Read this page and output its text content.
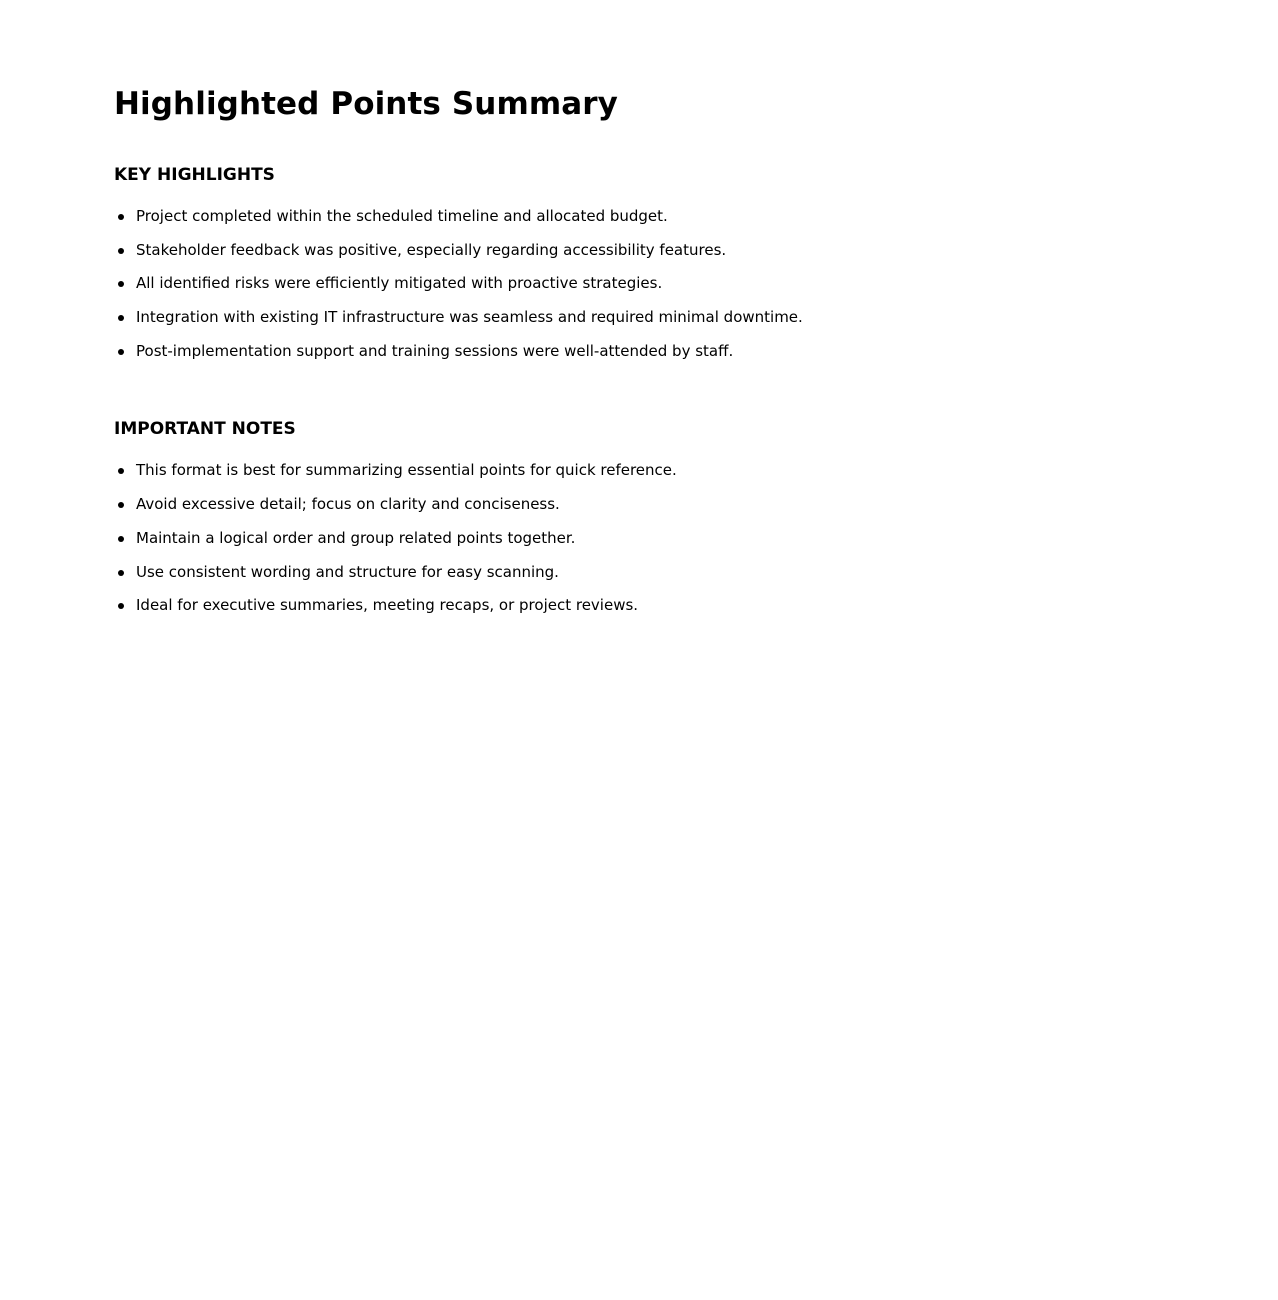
Highlighted Points Summary
KEY HIGHLIGHTS
Project completed within the scheduled timeline and allocated budget.
Stakeholder feedback was positive, especially regarding accessibility features.
All identified risks were efficiently mitigated with proactive strategies.
Integration with existing IT infrastructure was seamless and required minimal downtime.
Post-implementation support and training sessions were well-attended by staff.
IMPORTANT NOTES
This format is best for summarizing essential points for quick reference.
Avoid excessive detail; focus on clarity and conciseness.
Maintain a logical order and group related points together.
Use consistent wording and structure for easy scanning.
Ideal for executive summaries, meeting recaps, or project reviews.
